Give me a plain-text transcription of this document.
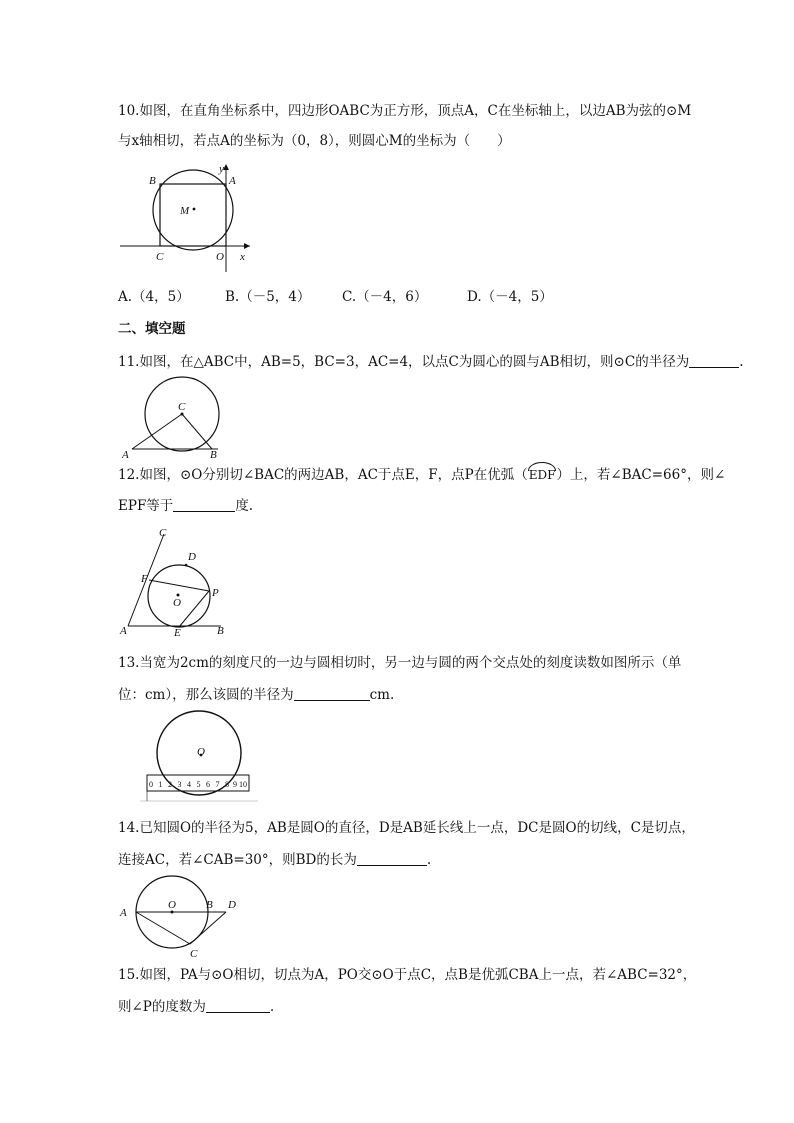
10.如图，在直角坐标系中，四边形OABC为正方形，顶点A，C在坐标轴上，以边AB为弦的⊙M
与x轴相切，若点A的坐标为（0，8），则圆心M的坐标为（　　）
B	A
y
M
C	O x
A.（4，5）	B.（－5，4） C.（－4，6）	D.（－4，5）
二、填空题
11.如图，在△ABC中，AB=5，BC=3，AC=4，以点C为圆心的圆与AB相切，则⊙C的半径为	.
C
A	B
12.如图，⊙O分别切∠BAC的两边AB，AC于点E，F，点P在优弧（EDF）上，若∠BAC=66°，则∠
EPF等于	度.
C
D
F
P
O
A	E	B
13.当宽为2cm的刻度尺的一边与圆相切时，另一边与圆的两个交点处的刻度读数如图所示（单
位：cm），那么该圆的半径为	cm.
O
0 1 2 3 4 5 6 7 8 9 10
14.已知圆O的半径为5，AB是圆O的直径，D是AB延长线上一点，DC是圆O的切线，C是切点，
连接AC，若∠CAB=30°，则BD的长为	.
A
O	B D
C
15.如图，PA与⊙O相切，切点为A，PO交⊙O于点C，点B是优弧CBA上一点，若∠ABC=32°，
则∠P的度数为	.
